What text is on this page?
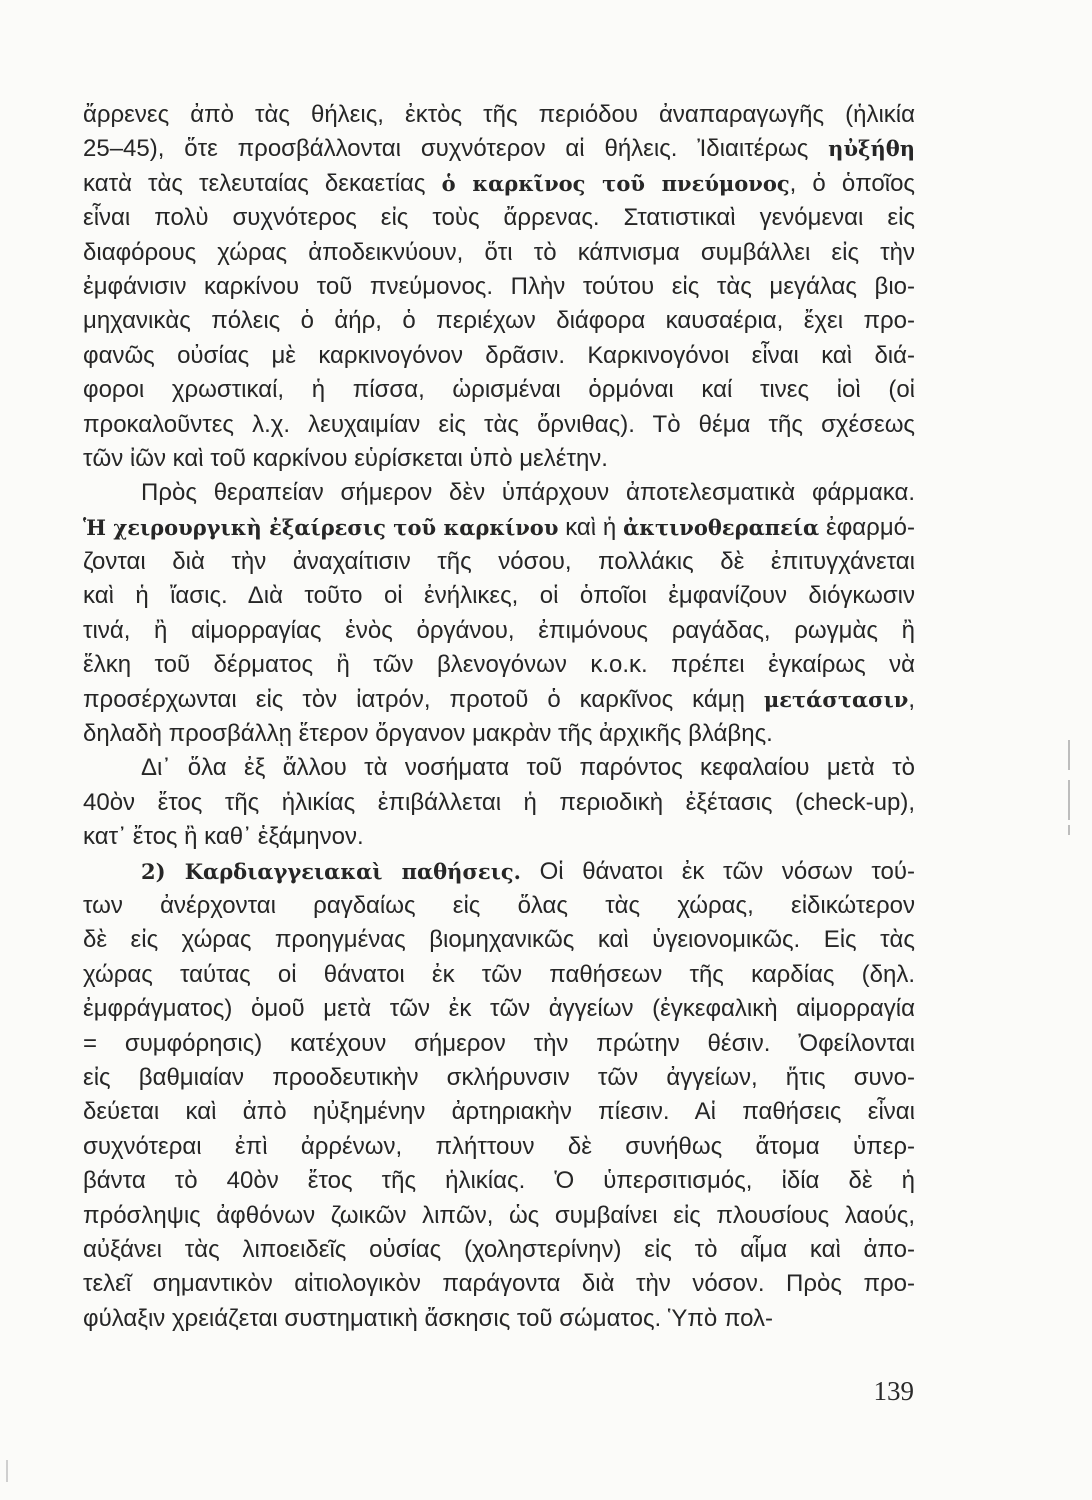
ἄρρενες ἀπὸ τὰς θήλεις, ἐκτὸς τῆς περιόδου ἀναπαραγωγῆς (ἡλικία
25–45), ὅτε προσβάλλονται συχνότερον αἱ θήλεις. Ἰδιαιτέρως ηὐξήθη
κατὰ τὰς τελευταίας δεκαετίας ὁ καρκῖνος τοῦ πνεύμονος, ὁ ὁποῖος
εἶναι πολὺ συχνότερος εἰς τοὺς ἄρρενας. Στατιστικαὶ γενόμεναι εἰς
διαφόρους χώρας ἀποδεικνύουν, ὅτι τὸ κάπνισμα συμβάλλει εἰς τὴν
ἐμφάνισιν καρκίνου τοῦ πνεύμονος. Πλὴν τούτου εἰς τὰς μεγάλας βιο-
μηχανικὰς πόλεις ὁ ἀήρ, ὁ περιέχων διάφορα καυσαέρια, ἔχει προ-
φανῶς οὐσίας μὲ καρκινογόνον δρᾶσιν. Καρκινογόνοι εἶναι καὶ διά-
φοροι χρωστικαί, ἡ πίσσα, ὡρισμέναι ὁρμόναι καί τινες ἰοὶ (οἱ
προκαλοῦντες λ.χ. λευχαιμίαν εἰς τὰς ὄρνιθας). Τὸ θέμα τῆς σχέσεως
τῶν ἰῶν καὶ τοῦ καρκίνου εὑρίσκεται ὑπὸ μελέτην.
Πρὸς θεραπείαν σήμερον δὲν ὑπάρχουν ἀποτελεσματικὰ φάρμακα.
Ἡ χειρουργικὴ ἐξαίρεσις τοῦ καρκίνου καὶ ἡ ἀκτινοθεραπεία ἐφαρμό-
ζονται διὰ τὴν ἀναχαίτισιν τῆς νόσου, πολλάκις δὲ ἐπιτυγχάνεται
καὶ ἡ ἴασις. Διὰ τοῦτο οἱ ἐνήλικες, οἱ ὁποῖοι ἐμφανίζουν διόγκωσιν
τινά, ἢ αἱμορραγίας ἑνὸς ὀργάνου, ἐπιμόνους ραγάδας, ρωγμὰς ἢ
ἕλκη τοῦ δέρματος ἢ τῶν βλενογόνων κ.ο.κ. πρέπει ἐγκαίρως νὰ
προσέρχωνται εἰς τὸν ἰατρόν, προτοῦ ὁ καρκῖνος κάμῃ μετάστασιν,
δηλαδὴ προσβάλλῃ ἕτερον ὄργανον μακρὰν τῆς ἀρχικῆς βλάβης.
Δι᾿ ὅλα ἐξ ἄλλου τὰ νοσήματα τοῦ παρόντος κεφαλαίου μετὰ τὸ
40ὸν ἔτος τῆς ἡλικίας ἐπιβάλλεται ἡ περιοδικὴ ἐξέτασις (check-up),
κατ᾿ ἔτος ἢ καθ᾿ ἑξάμηνον.
2) Καρδιαγγειακαὶ παθήσεις. Οἱ θάνατοι ἐκ τῶν νόσων τού-
των ἀνέρχονται ραγδαίως εἰς ὅλας τὰς χώρας, εἰδικώτερον
δὲ εἰς χώρας προηγμένας βιομηχανικῶς καὶ ὑγειονομικῶς. Εἰς τὰς
χώρας ταύτας οἱ θάνατοι ἐκ τῶν παθήσεων τῆς καρδίας (δηλ.
ἐμφράγματος) ὁμοῦ μετὰ τῶν ἐκ τῶν ἀγγείων (ἐγκεφαλικὴ αἱμορραγία
= συμφόρησις) κατέχουν σήμερον τὴν πρώτην θέσιν. Ὀφείλονται
εἰς βαθμιαίαν προοδευτικὴν σκλήρυνσιν τῶν ἀγγείων, ἥτις συνο-
δεύεται καὶ ἀπὸ ηὐξημένην ἀρτηριακὴν πίεσιν. Αἱ παθήσεις εἶναι
συχνότεραι ἐπὶ ἀρρένων, πλήττουν δὲ συνήθως ἄτομα ὑπερ-
βάντα τὸ 40ὸν ἔτος τῆς ἡλικίας. Ὁ ὑπερσιτισμός, ἰδία δὲ ἡ
πρόσληψις ἀφθόνων ζωικῶν λιπῶν, ὡς συμβαίνει εἰς πλουσίους λαούς,
αὐξάνει τὰς λιποειδεῖς οὐσίας (χοληστερίνην) εἰς τὸ αἷμα καὶ ἀπο-
τελεῖ σημαντικὸν αἰτιολογικὸν παράγοντα διὰ τὴν νόσον. Πρὸς προ-
φύλαξιν χρειάζεται συστηματικὴ ἄσκησις τοῦ σώματος. Ὑπὸ πολ-
139
